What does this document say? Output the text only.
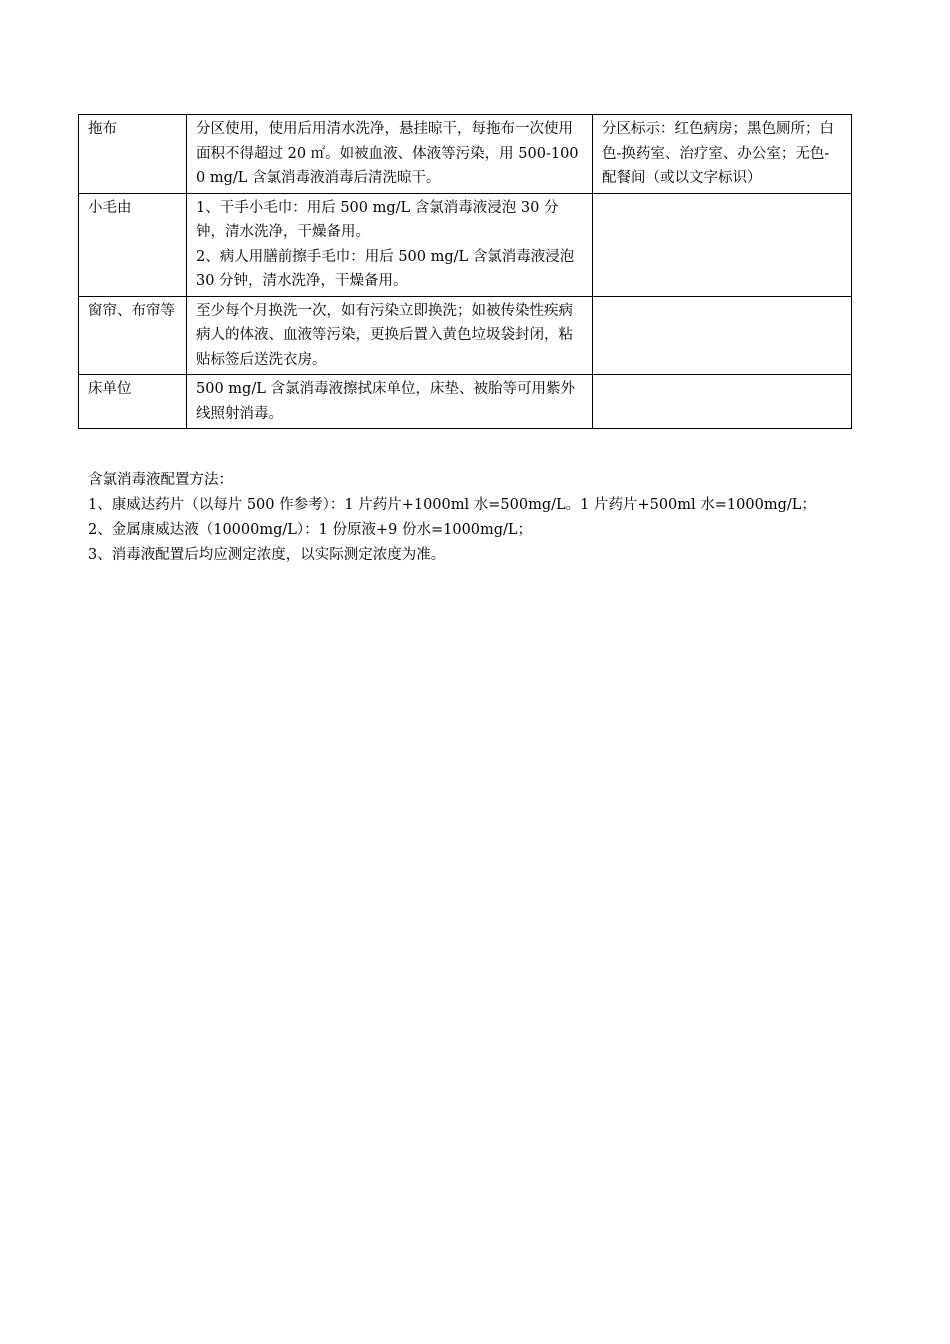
拖布	分区使用，使用后用清水洗净，悬挂晾干，每拖布一次使用面积不得超过 20 ㎡。如被血液、体液等污染，用 500-1000 mg/L 含氯消毒液消毒后清洗晾干。	分区标示：红色病房；黑色厕所；白色-换药室、治疗室、办公室；无色-配餐间（或以文字标识）
小毛由	1、干手小毛巾：用后 500 mg/L 含氯消毒液浸泡 30 分钟，清水洗净，干燥备用。
2、病人用膳前擦手毛巾：用后 500 mg/L 含氯消毒液浸泡 30 分钟，清水洗净，干燥备用。	

窗帘、布帘等	至少每个月换洗一次，如有污染立即换洗；如被传染性疾病病人的体液、血液等污染，更换后置入黄色垃圾袋封闭，粘贴标签后送洗衣房。	

床单位	500 mg/L 含氯消毒液擦拭床单位，床垫、被胎等可用紫外线照射消毒。	

含氯消毒液配置方法：
1、康威达药片（以每片 500 作参考）：1 片药片+1000ml 水=500mg/L。1 片药片+500ml 水=1000mg/L；
2、金属康威达液（10000mg/L）：1 份原液+9 份水=1000mg/L；
3、消毒液配置后均应测定浓度，以实际测定浓度为准。
